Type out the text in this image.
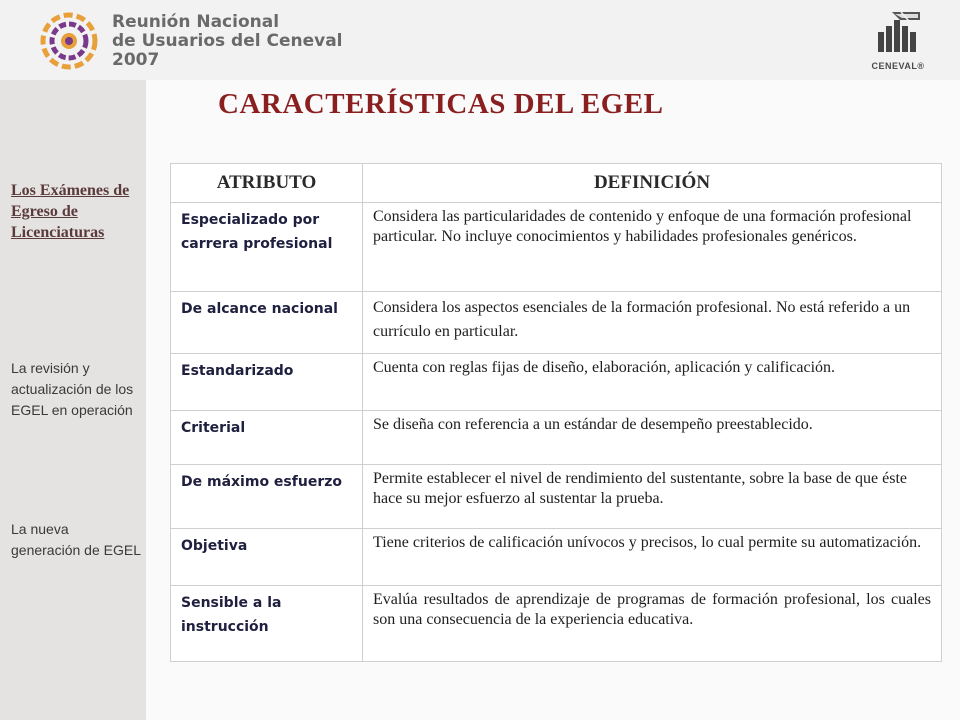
Reunión Nacional
de Usuarios del Ceneval
2007	CENEVAL®
Los Exámenes de Egreso de Licenciaturas
La revisión y actualización de los EGEL en operación
La nueva generación de EGEL
CARACTERÍSTICAS DEL EGEL
ATRIBUTO	DEFINICIÓN
Especializado por carrera profesional	Considera las particularidades de contenido y enfoque de una formación profesional particular. No incluye conocimientos y habilidades profesionales genéricos.
De alcance nacional	Considera los aspectos esenciales de la formación profesional. No está referido a un currículo en particular.
Estandarizado	Cuenta con reglas fijas de diseño, elaboración, aplicación y calificación.
Criterial	Se diseña con referencia a un estándar de desempeño preestablecido.
De máximo esfuerzo	Permite establecer el nivel de rendimiento del sustentante, sobre la base de que éste hace su mejor esfuerzo al sustentar la prueba.
Objetiva	Tiene criterios de calificación unívocos y precisos, lo cual permite su automatización.
Sensible a la instrucción	Evalúa resultados de aprendizaje de programas de formación profesional, los cuales son una consecuencia de la experiencia educativa.
